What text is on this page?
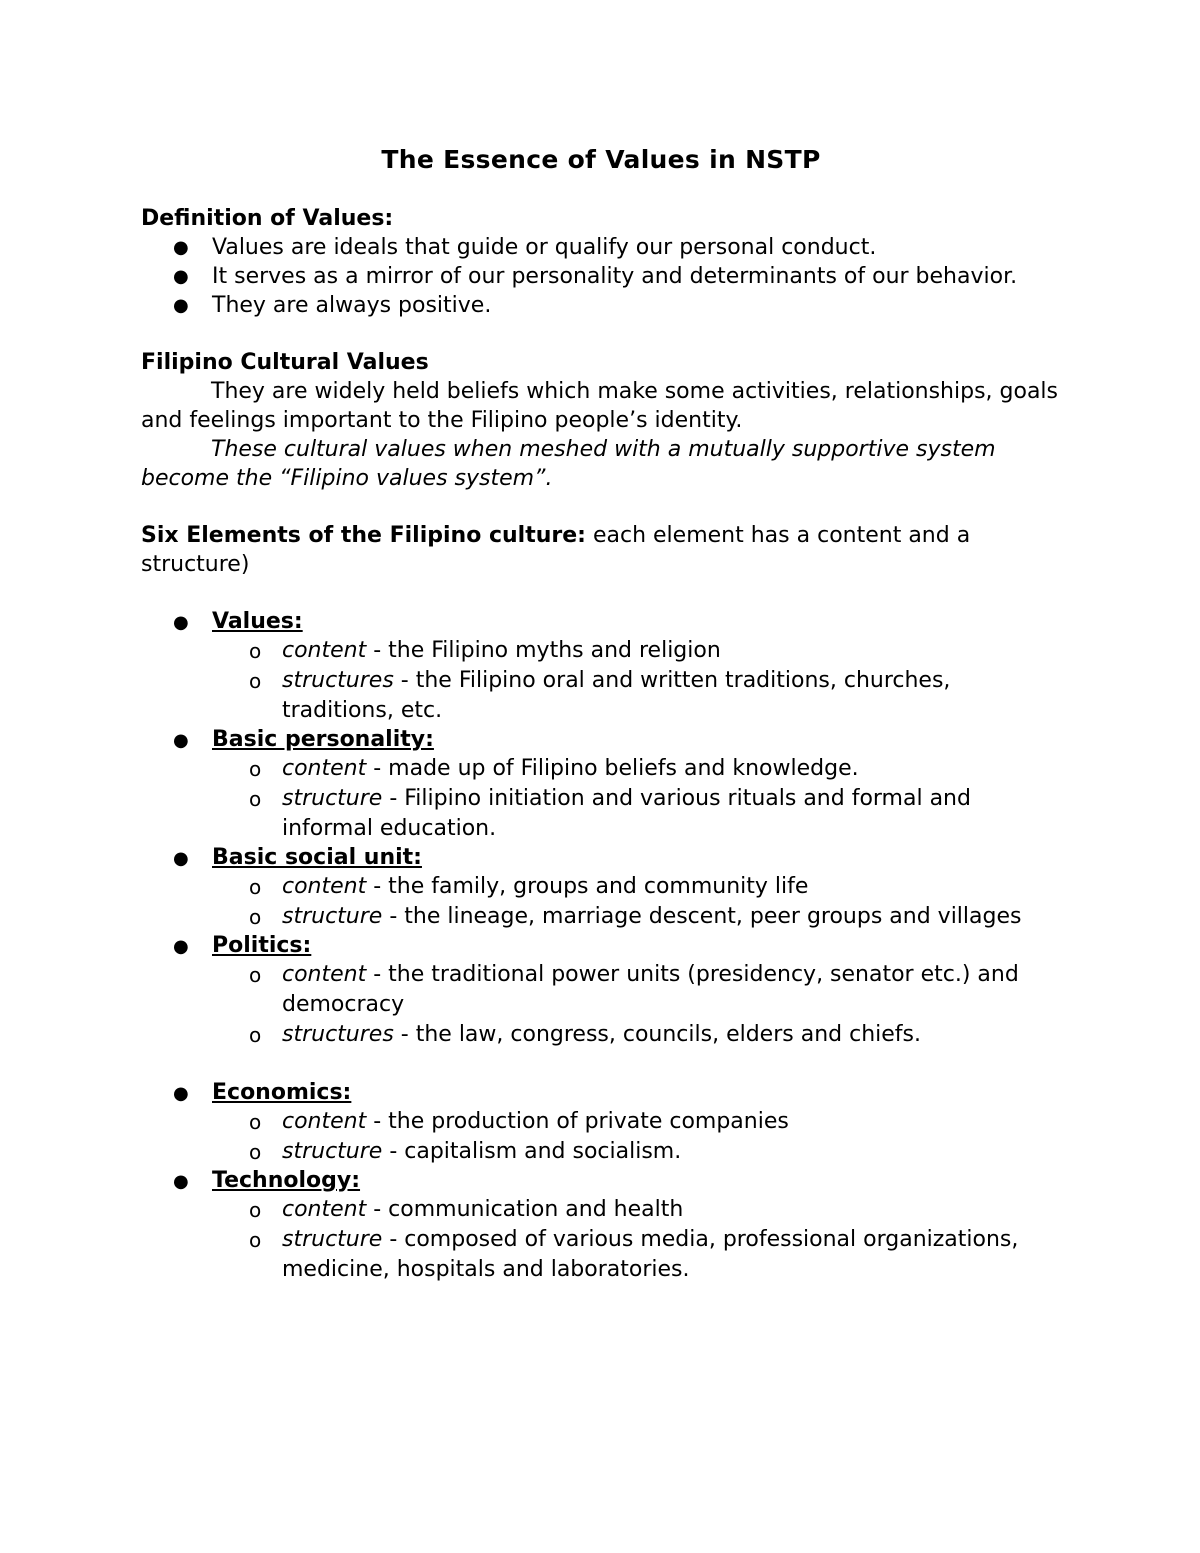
The Essence of Values in NSTP
Definition of Values:
● Values are ideals that guide or qualify our personal conduct.
● It serves as a mirror of our personality and determinants of our behavior.
● They are always positive.
Filipino Cultural Values

They are widely held beliefs which make some activities, relationships, goals and feelings important to the Filipino people’s identity.

These cultural values when meshed with a mutually supportive system become the “Filipino values system”.

Six Elements of the Filipino culture: each element has a content and a structure)

● Values:
o content - the Filipino myths and religion
o structures - the Filipino oral and written traditions, churches, traditions, etc.
● Basic personality:
o content - made up of Filipino beliefs and knowledge.
o structure - Filipino initiation and various rituals and formal and informal education.
● Basic social unit:
o content - the family, groups and community life
o structure - the lineage, marriage descent, peer groups and villages
● Politics:
o content - the traditional power units (presidency, senator etc.) and democracy
o structures - the law, congress, councils, elders and chiefs.
● Economics:
o content - the production of private companies
o structure - capitalism and socialism.
● Technology:
o content - communication and health
o structure - composed of various media, professional organizations, medicine, hospitals and laboratories.
